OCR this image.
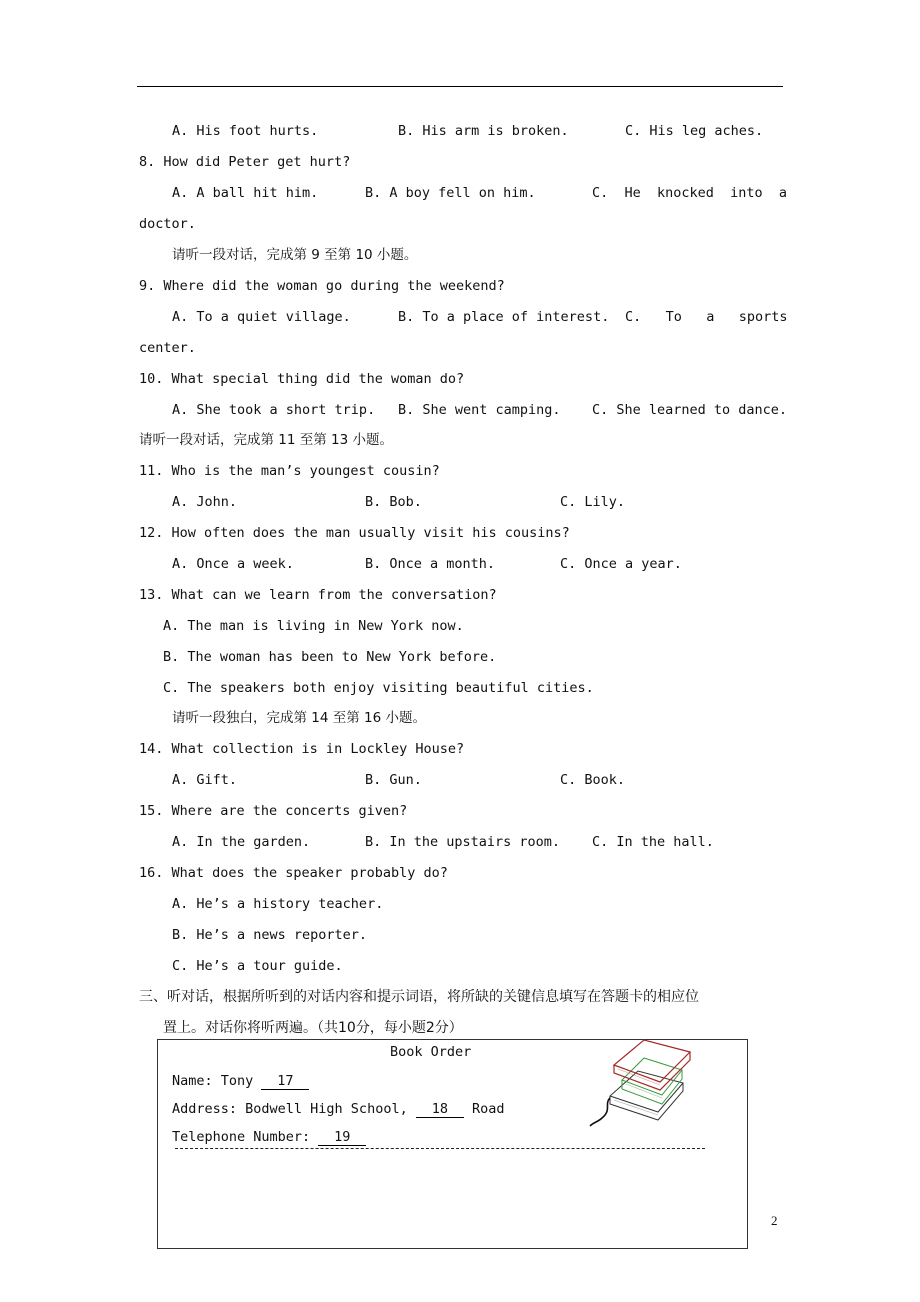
A. His foot hurts.	B. His arm is broken.	C. His leg aches.
8. How did Peter get hurt?
A. A ball hit him.	B. A boy fell on him.	C.  He  knocked  into  a
doctor.
请听一段对话，完成第 9 至第 10 小题。
9. Where did the woman go during the weekend?
A. To a quiet village.	B. To a place of interest. C.   To   a   sports
center.
10. What special thing did the woman do?
A. She took a short trip. B. She went camping. C. She learned to dance.
请听一段对话，完成第 11 至第 13 小题。
11. Who is the man’s youngest cousin?
A. John.	B. Bob.	C. Lily.
12. How often does the man usually visit his cousins?
A. Once a week.	B. Once a month.	C. Once a year.
13. What can we learn from the conversation?
A. The man is living in New York now.
B. The woman has been to New York before.
C. The speakers both enjoy visiting beautiful cities.
请听一段独白，完成第 14 至第 16 小题。
14. What collection is in Lockley House?
A. Gift.	B. Gun.	C. Book.
15. Where are the concerts given?
A. In the garden.	B. In the upstairs room. C. In the hall.
16. What does the speaker probably do?
A. He’s a history teacher.
B. He’s a news reporter.
C. He’s a tour guide.
三、听对话，根据所听到的对话内容和提示词语，将所缺的关键信息填写在答题卡的相应位
置上。对话你将听两遍。（共10分，每小题2分）
Book Order
Name: Tony 17
Address: Bodwell High School, 18 Road
Telephone Number: 19
2
